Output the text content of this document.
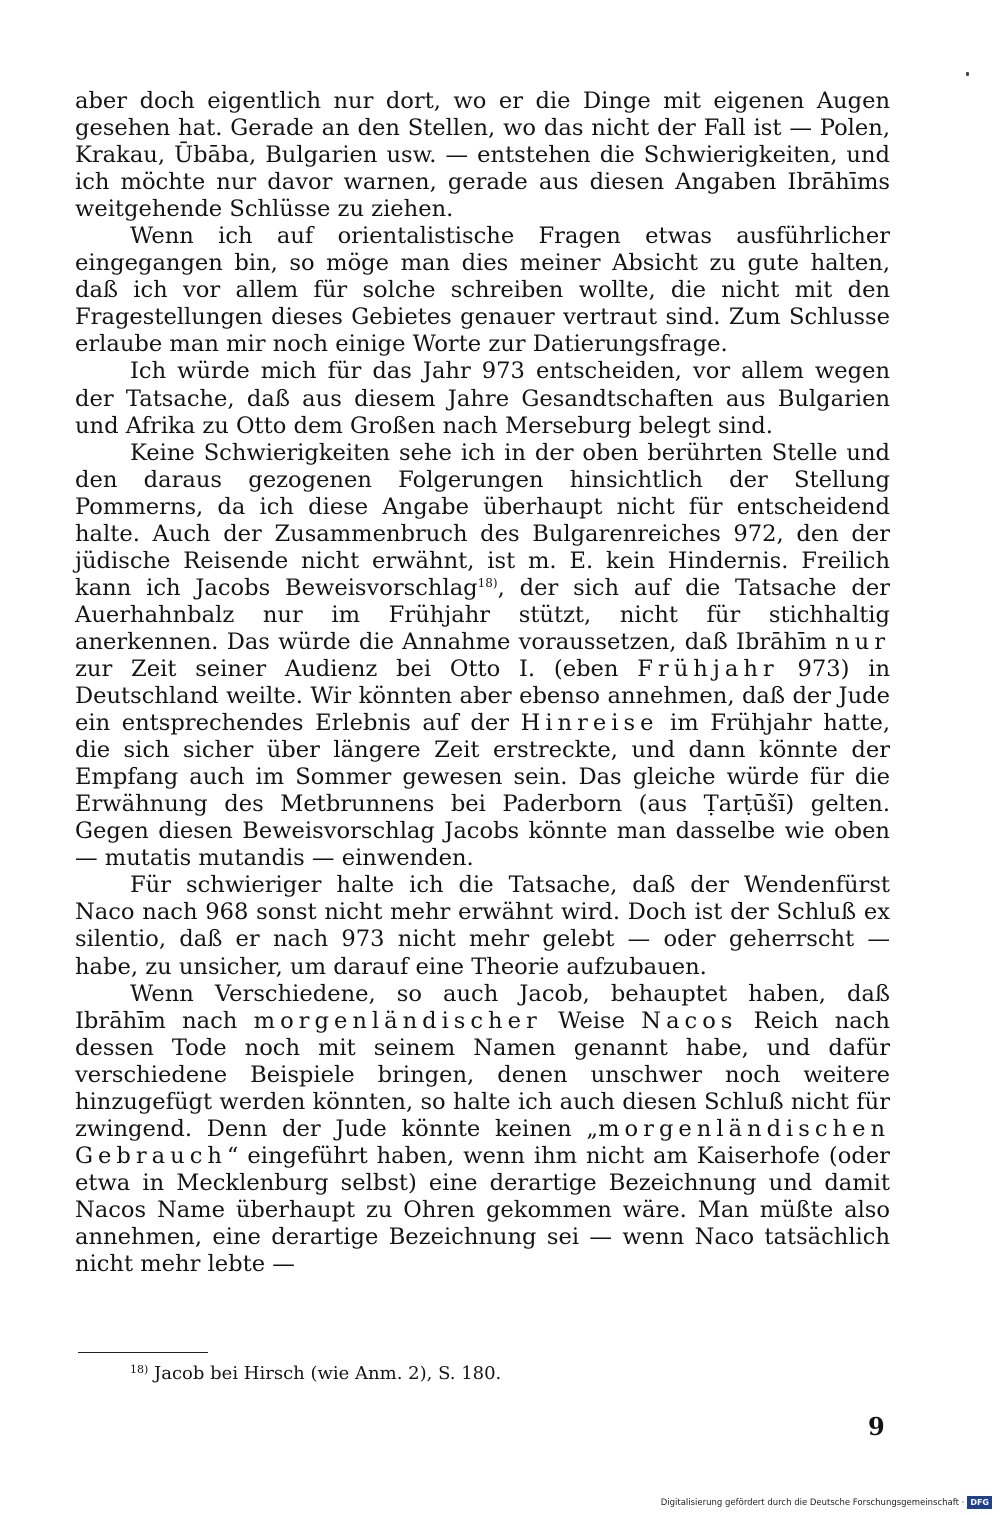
aber doch eigentlich nur dort, wo er die Dinge mit eigenen Augen gesehen hat. Gerade an den Stellen, wo das nicht der Fall ist — Polen, Krakau, Ūbāba, Bulgarien usw. — entstehen die Schwierigkeiten, und ich möchte nur davor warnen, gerade aus diesen Angaben Ibrāhīms weitgehende Schlüsse zu ziehen.

Wenn ich auf orientalistische Fragen etwas ausführlicher eingegangen bin, so möge man dies meiner Absicht zu gute halten, daß ich vor allem für solche schreiben wollte, die nicht mit den Fragestellungen dieses Gebietes genauer vertraut sind. Zum Schlusse erlaube man mir noch einige Worte zur Datierungsfrage.

Ich würde mich für das Jahr 973 entscheiden, vor allem wegen der Tatsache, daß aus diesem Jahre Gesandtschaften aus Bulgarien und Afrika zu Otto dem Großen nach Merseburg belegt sind.

Keine Schwierigkeiten sehe ich in der oben berührten Stelle und den daraus gezogenen Folgerungen hinsichtlich der Stellung Pommerns, da ich diese Angabe überhaupt nicht für entscheidend halte. Auch der Zusammenbruch des Bulgarenreiches 972, den der jüdische Reisende nicht erwähnt, ist m. E. kein Hindernis. Freilich kann ich Jacobs Beweisvorschlag$^{18)}$, der sich auf die Tatsache der Auerhahnbalz nur im Frühjahr stützt, nicht für stichhaltig anerkennen. Das würde die Annahme voraussetzen, daß Ibrāhīm nur zur Zeit seiner Audienz bei Otto I. (eben Frühjahr 973) in Deutschland weilte. Wir könnten aber ebenso annehmen, daß der Jude ein entsprechendes Erlebnis auf der Hinreise im Frühjahr hatte, die sich sicher über längere Zeit erstreckte, und dann könnte der Empfang auch im Sommer gewesen sein. Das gleiche würde für die Erwähnung des Metbrunnens bei Paderborn (aus Ṭarṭūšī) gelten. Gegen diesen Beweisvorschlag Jacobs könnte man dasselbe wie oben — mutatis mutandis — einwenden.

Für schwieriger halte ich die Tatsache, daß der Wendenfürst Naco nach 968 sonst nicht mehr erwähnt wird. Doch ist der Schluß ex silentio, daß er nach 973 nicht mehr gelebt — oder geherrscht — habe, zu unsicher, um darauf eine Theorie aufzubauen.

Wenn Verschiedene, so auch Jacob, behauptet haben, daß Ibrāhīm nach morgenländischer Weise Nacos Reich nach dessen Tode noch mit seinem Namen genannt habe, und dafür verschiedene Beispiele bringen, denen unschwer noch weitere hinzugefügt werden könnten, so halte ich auch diesen Schluß nicht für zwingend. Denn der Jude könnte keinen „morgenländischen Gebrauch“ eingeführt haben, wenn ihm nicht am Kaiserhofe (oder etwa in Mecklenburg selbst) eine derartige Bezeichnung und damit Nacos Name überhaupt zu Ohren gekommen wäre. Man müßte also annehmen, eine derartige Bezeichnung sei — wenn Naco tatsächlich nicht mehr lebte —

$^{18)}$ Jacob bei Hirsch (wie Anm. 2), S. 180.

9
Digitalisierung gefördert durch die Deutsche Forschungsgemeinschaft · DFG
